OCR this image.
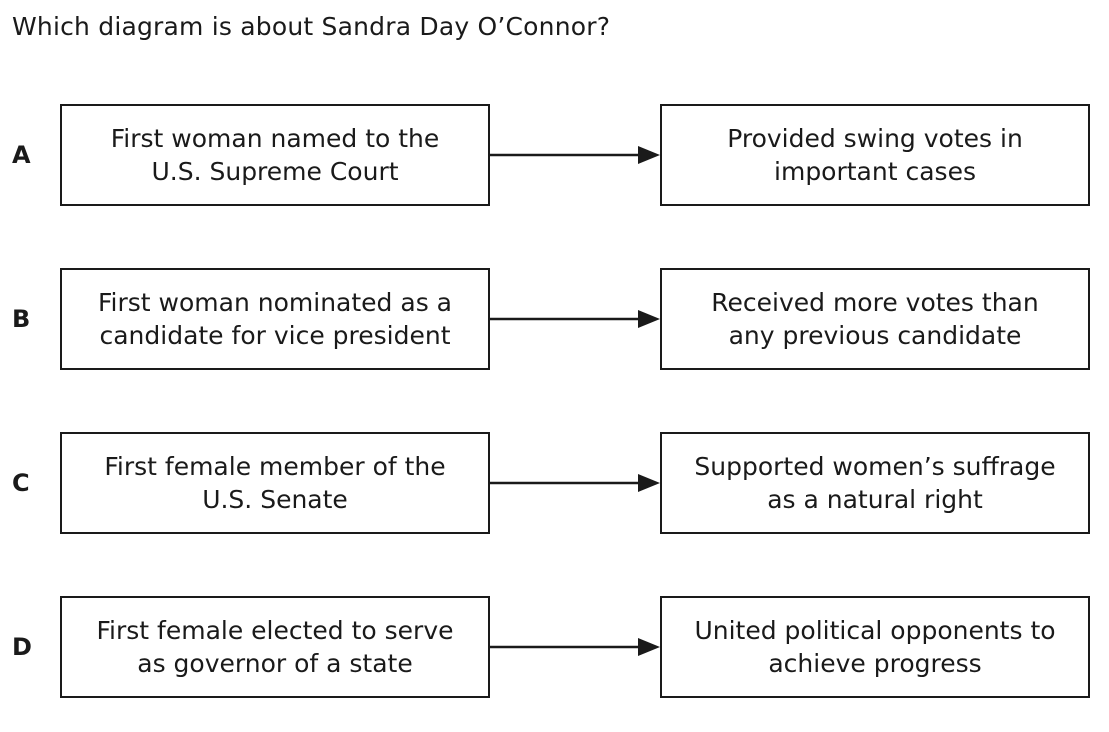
Which diagram is about Sandra Day O’Connor?
A
First woman named to the
U.S. Supreme Court
Provided swing votes in
important cases
B
First woman nominated as a
candidate for vice president
Received more votes than
any previous candidate
C
First female member of the
U.S. Senate
Supported women’s suffrage
as a natural right
D
First female elected to serve
as governor of a state
United political opponents to
achieve progress
